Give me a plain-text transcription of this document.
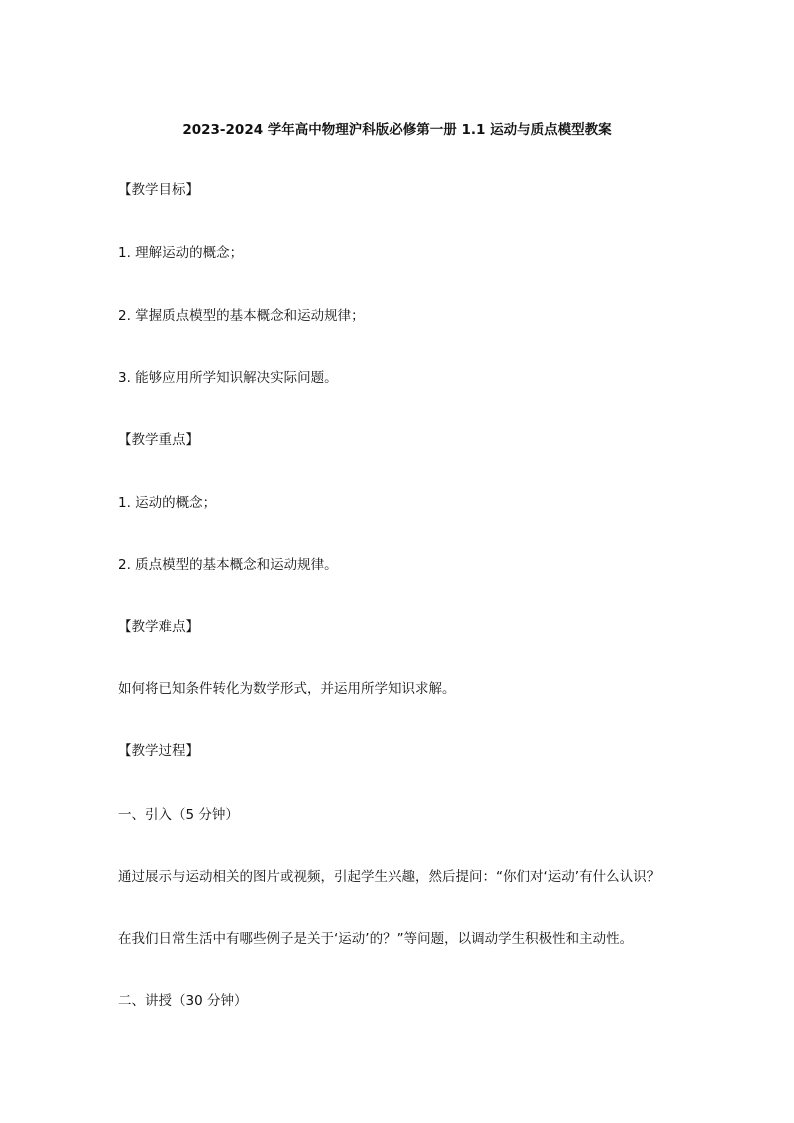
2023-2024 学年高中物理沪科版必修第一册 1.1 运动与质点模型教案
【教学目标】
1. 理解运动的概念；
2. 掌握质点模型的基本概念和运动规律；
3. 能够应用所学知识解决实际问题。
【教学重点】
1. 运动的概念；
2. 质点模型的基本概念和运动规律。
【教学难点】
如何将已知条件转化为数学形式，并运用所学知识求解。
【教学过程】
一、引入（5 分钟）
通过展示与运动相关的图片或视频，引起学生兴趣，然后提问：“你们对‘运动’有什么认识？
在我们日常生活中有哪些例子是关于‘运动’的？”等问题，以调动学生积极性和主动性。
二、讲授（30 分钟）
